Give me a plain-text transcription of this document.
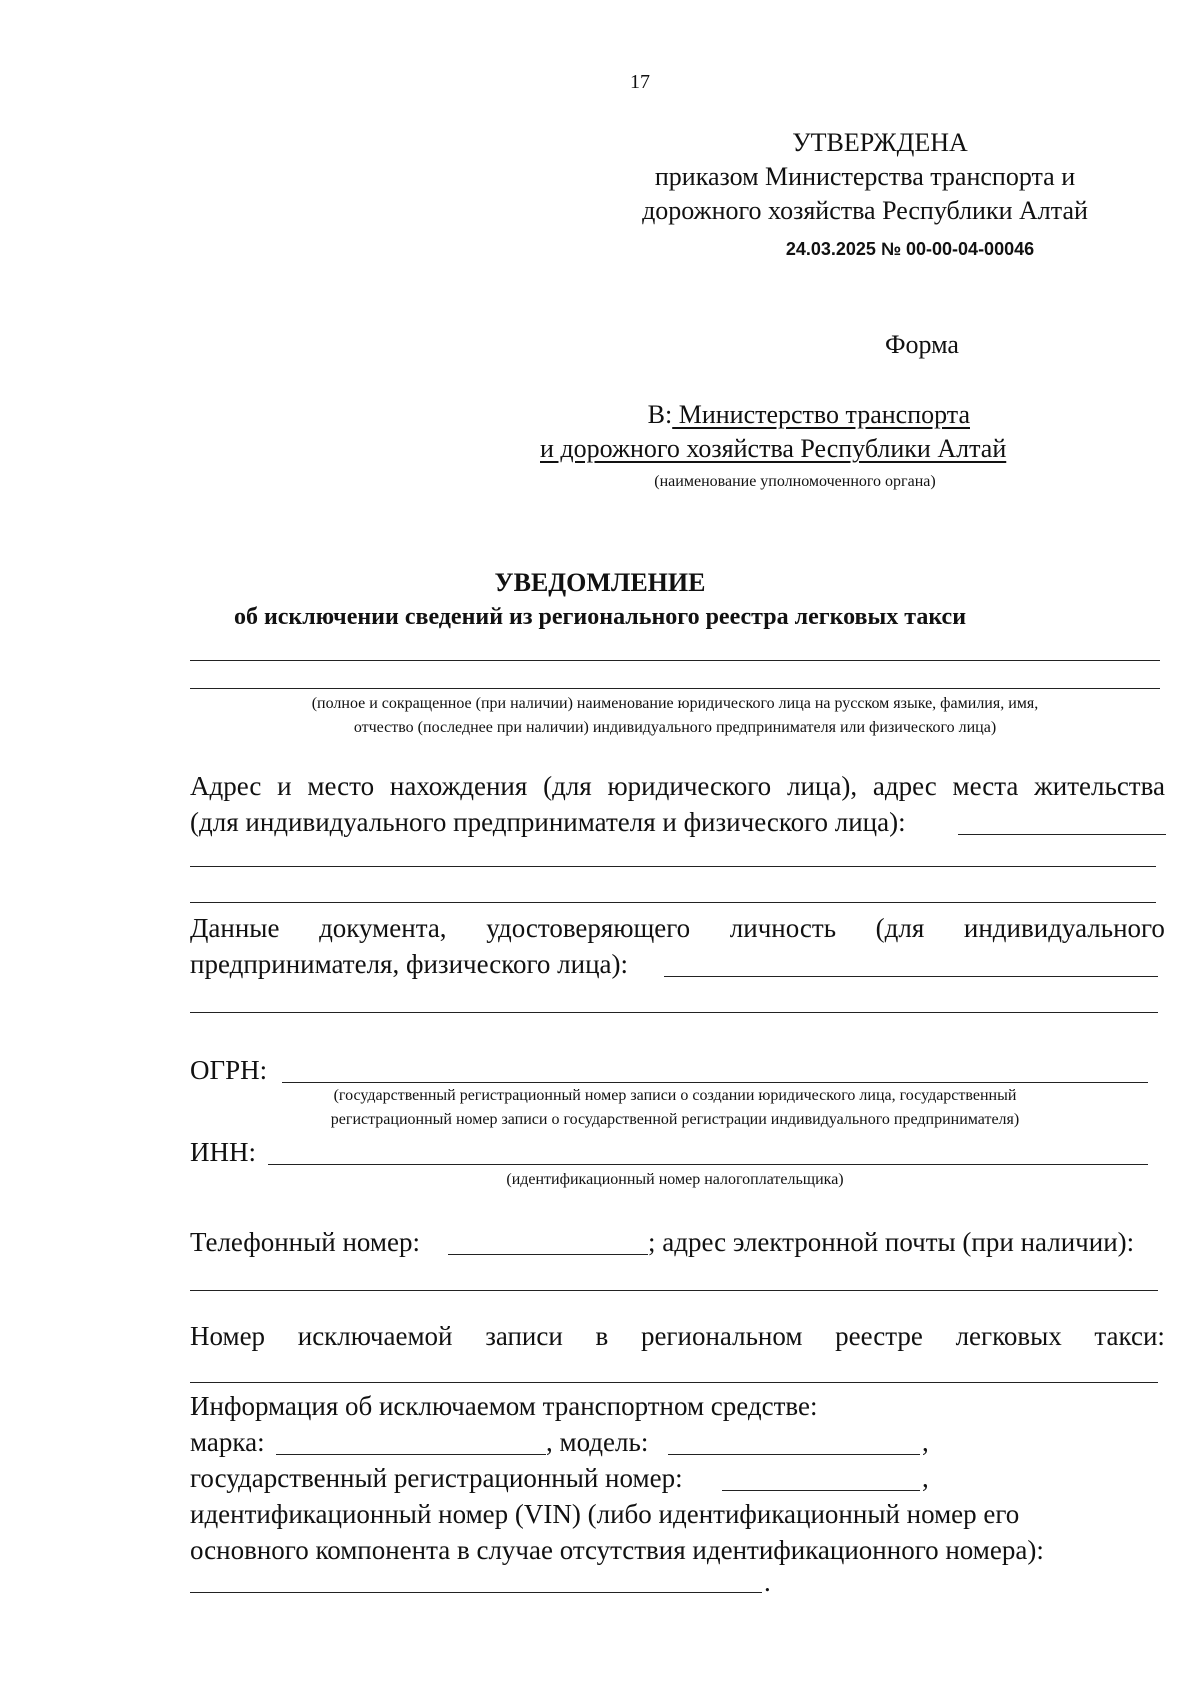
17
УТВЕРЖДЕНА
приказом Министерства транспорта и
дорожного хозяйства Республики Алтай
24.03.2025 № 00-00-04-00046
Форма
В: Министерство транспорта
и дорожного хозяйства Республики Алтай
(наименование уполномоченного органа)
УВЕДОМЛЕНИЕ
об исключении сведений из регионального реестра легковых такси
(полное и сокращенное (при наличии) наименование юридического лица на русском языке, фамилия, имя,
отчество (последнее при наличии) индивидуального предпринимателя или физического лица)
Адрес и место нахождения (для юридического лица), адрес места жительства
(для индивидуального предпринимателя и физического лица):
Данные документа, удостоверяющего личность (для индивидуального
предпринимателя, физического лица):
ОГРН:
(государственный регистрационный номер записи о создании юридического лица, государственный
регистрационный номер записи о государственной регистрации индивидуального предпринимателя)
ИНН:
(идентификационный номер налогоплательщика)
Телефонный номер:	; адрес электронной почты (при наличии):
Номер исключаемой записи в региональном реестре легковых такси:
Информация об исключаемом транспортном средстве:
марка:	, модель:	,
государственный регистрационный номер:	,
идентификационный номер (VIN) (либо идентификационный номер его
основного компонента в случае отсутствия идентификационного номера):
.
